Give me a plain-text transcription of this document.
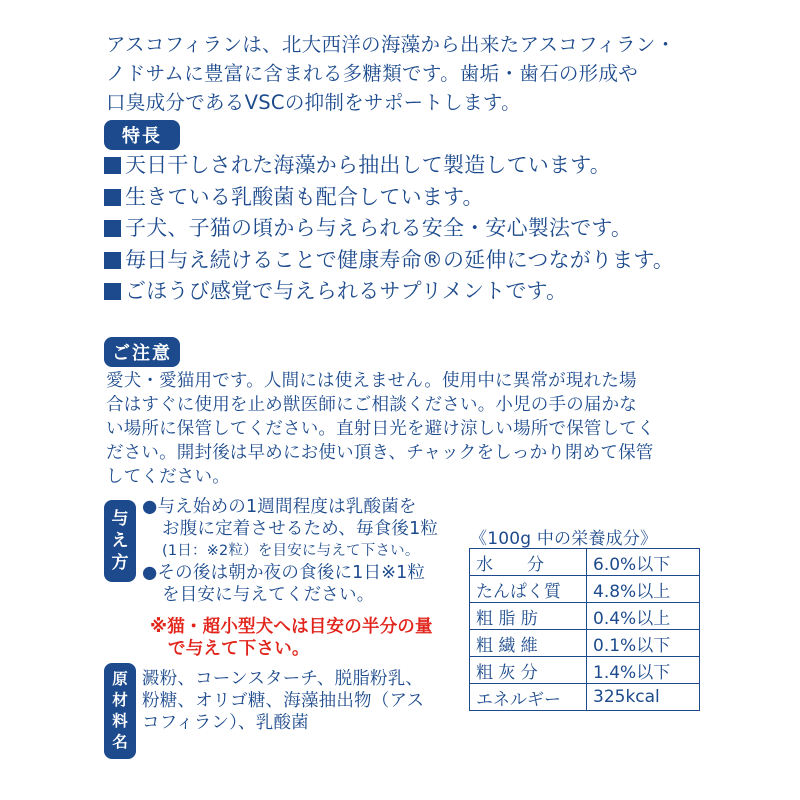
アスコフィランは、北大西洋の海藻から出来たアスコフィラン・
ノドサムに豊富に含まれる多糖類です。歯垢・歯石の形成や
口臭成分であるVSCの抑制をサポートします。
特長
天日干しされた海藻から抽出して製造しています。
生きている乳酸菌も配合しています。
子犬、子猫の頃から与えられる安全・安心製法です。
毎日与え続けることで健康寿命®の延伸につながります。
ごほうび感覚で与えられるサプリメントです。
ご注意
愛犬・愛猫用です。人間には使えません。使用中に異常が現れた場
合はすぐに使用を止め獣医師にご相談ください。小児の手の届かな
い場所に保管してください。直射日光を避け涼しい場所で保管してく
ださい。開封後は早めにお使い頂き、チャックをしっかり閉めて保管
してください。
与
え
方
●与え始めの1週間程度は乳酸菌を
お腹に定着させるため、毎食後1粒
(1日：※2粒）を目安に与えて下さい。
●その後は朝か夜の食後に1日※1粒
を目安に与えてください。
※猫・超小型犬へは目安の半分の量
で与えて下さい。
原
材
料
名
澱粉、コーンスターチ、脱脂粉乳、
粉糖、オリゴ糖、海藻抽出物（アス
コフィラン）、乳酸菌
《100g 中の栄養成分》
水　　分	6.0%以下
たんぱく質	4.8%以上
粗 脂 肪	0.4%以上
粗 繊 維	0.1%以下
粗 灰 分	1.4%以下
エネルギー	325kcal
